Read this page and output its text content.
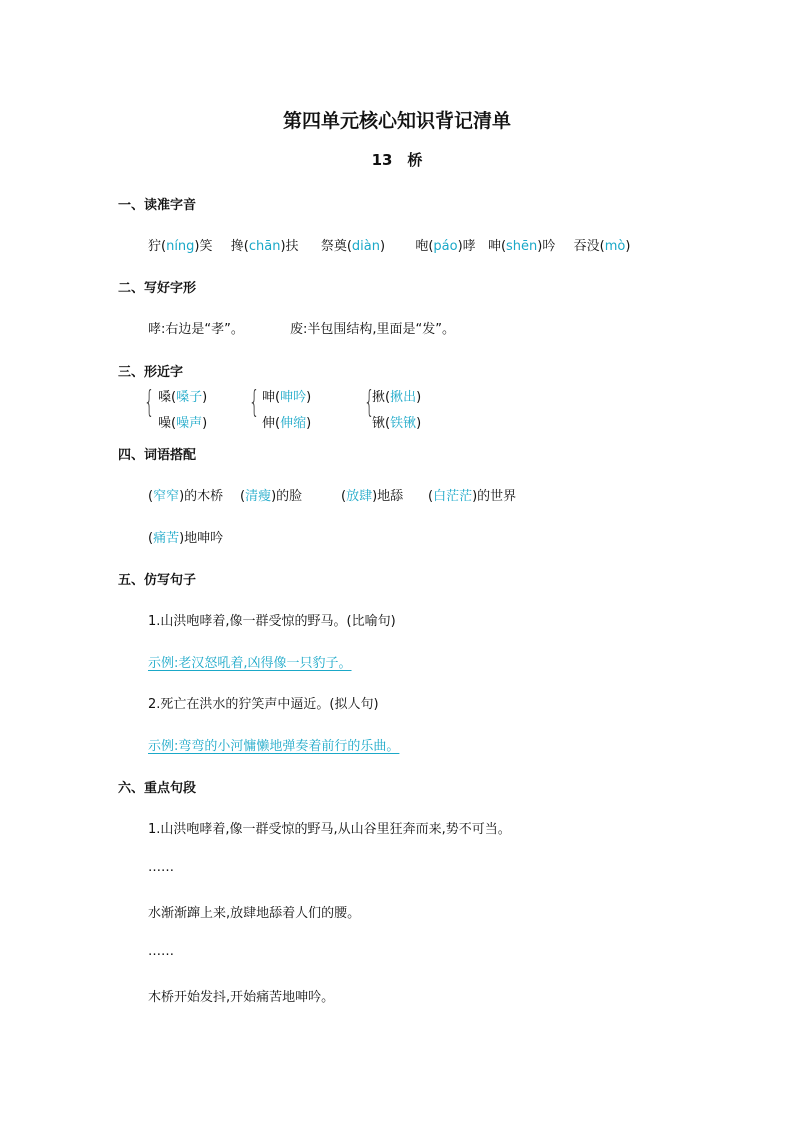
第四单元核心知识背记清单
13　桥
一、读准字音
狞(níng)笑 搀(chān)扶 祭奠(diàn) 咆(páo)哮 呻(shēn)吟 吞没(mò)
二、写好字形
哮:右边是“孝”。	废:半包围结构,里面是“发”。
三、形近字
{ 嗓(嗓子)
噪(噪声)
{ 呻(呻吟)
伸(伸缩)
{
揪(揪出)
锹(铁锹)
四、词语搭配
(窄窄)的木桥 (清瘦)的脸	(放肆)地舔 (白茫茫)的世界
(痛苦)地呻吟
五、仿写句子
1.山洪咆哮着,像一群受惊的野马。(比喻句)
示例:老汉怒吼着,凶得像一只豹子。
2.死亡在洪水的狞笑声中逼近。(拟人句)
示例:弯弯的小河慵懒地弹奏着前行的乐曲。
六、重点句段
1.山洪咆哮着,像一群受惊的野马,从山谷里狂奔而来,势不可当。
……
水渐渐蹿上来,放肆地舔着人们的腰。
……
木桥开始发抖,开始痛苦地呻吟。
